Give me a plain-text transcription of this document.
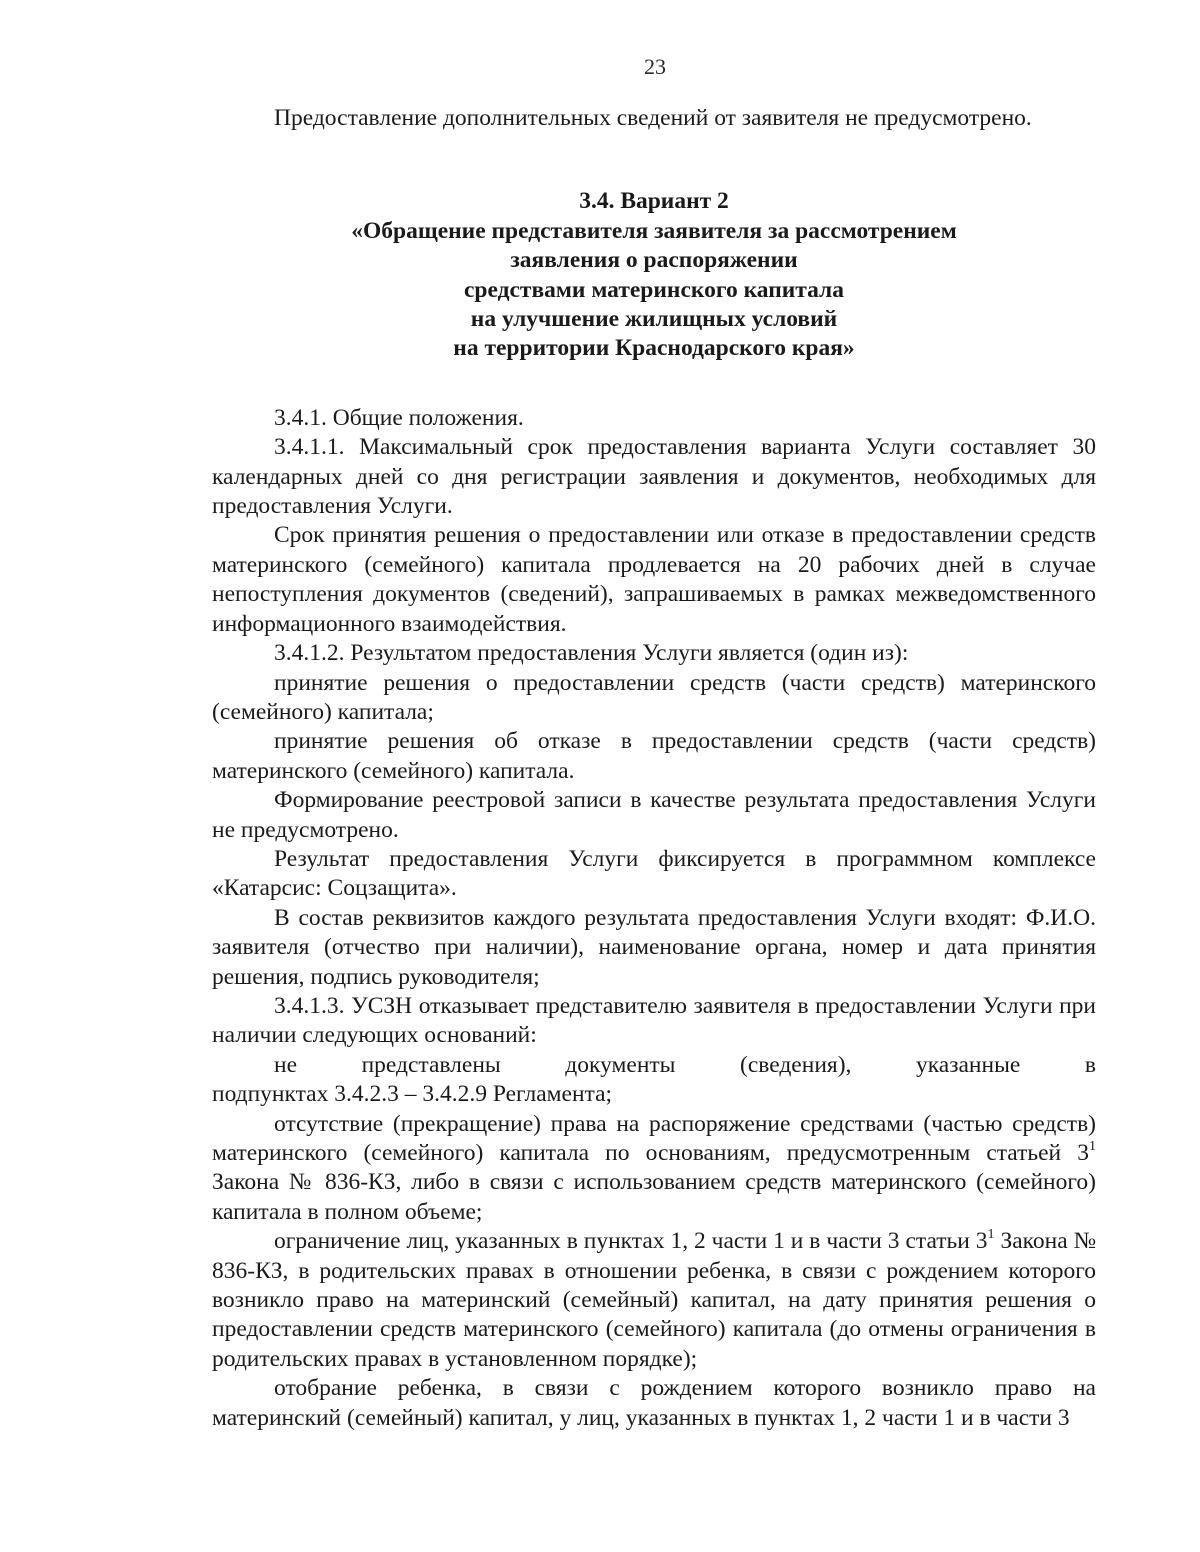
23

Предоставление дополнительных сведений от заявителя не предусмотрено.

3.4. Вариант 2
«Обращение представителя заявителя за рассмотрением
заявления о распоряжении
средствами материнского капитала
на улучшение жилищных условий
на территории Краснодарского края»

3.4.1. Общие положения.

3.4.1.1. Максимальный срок предоставления варианта Услуги составляет 30 календарных дней со дня регистрации заявления и документов, необходимых для предоставления Услуги.

Срок принятия решения о предоставлении или отказе в предоставлении средств материнского (семейного) капитала продлевается на 20 рабочих дней в случае непоступления документов (сведений), запрашиваемых в рамках межведомственного информационного взаимодействия.

3.4.1.2. Результатом предоставления Услуги является (один из):

принятие решения о предоставлении средств (части средств) материнского (семейного) капитала;

принятие решения об отказе в предоставлении средств (части средств) материнского (семейного) капитала.

Формирование реестровой записи в качестве результата предоставления Услуги не предусмотрено.

Результат предоставления Услуги фиксируется в программном комплексе «Катарсис: Соцзащита».

В состав реквизитов каждого результата предоставления Услуги входят: Ф.И.О. заявителя (отчество при наличии), наименование органа, номер и дата принятия решения, подпись руководителя;

3.4.1.3. УСЗН отказывает представителю заявителя в предоставлении Услуги при наличии следующих оснований:

не	представлены	документы	(сведения),	указанные	в

подпунктах 3.4.2.3 – 3.4.2.9 Регламента;

отсутствие (прекращение) права на распоряжение средствами (частью средств) материнского (семейного) капитала по основаниям, предусмотренным статьей $3^1$ Закона № 836-КЗ, либо в связи с использованием средств материнского (семейного) капитала в полном объеме;

ограничение лиц, указанных в пунктах 1, 2 части 1 и в части 3 статьи $3^1$ Закона № 836-КЗ, в родительских правах в отношении ребенка, в связи с рождением которого возникло право на материнский (семейный) капитал, на дату принятия решения о предоставлении средств материнского (семейного) капитала (до отмены ограничения в родительских правах в установленном порядке);

отобрание ребенка, в связи с рождением которого возникло право на материнский (семейный) капитал, у лиц, указанных в пунктах 1, 2 части 1 и в части 3
